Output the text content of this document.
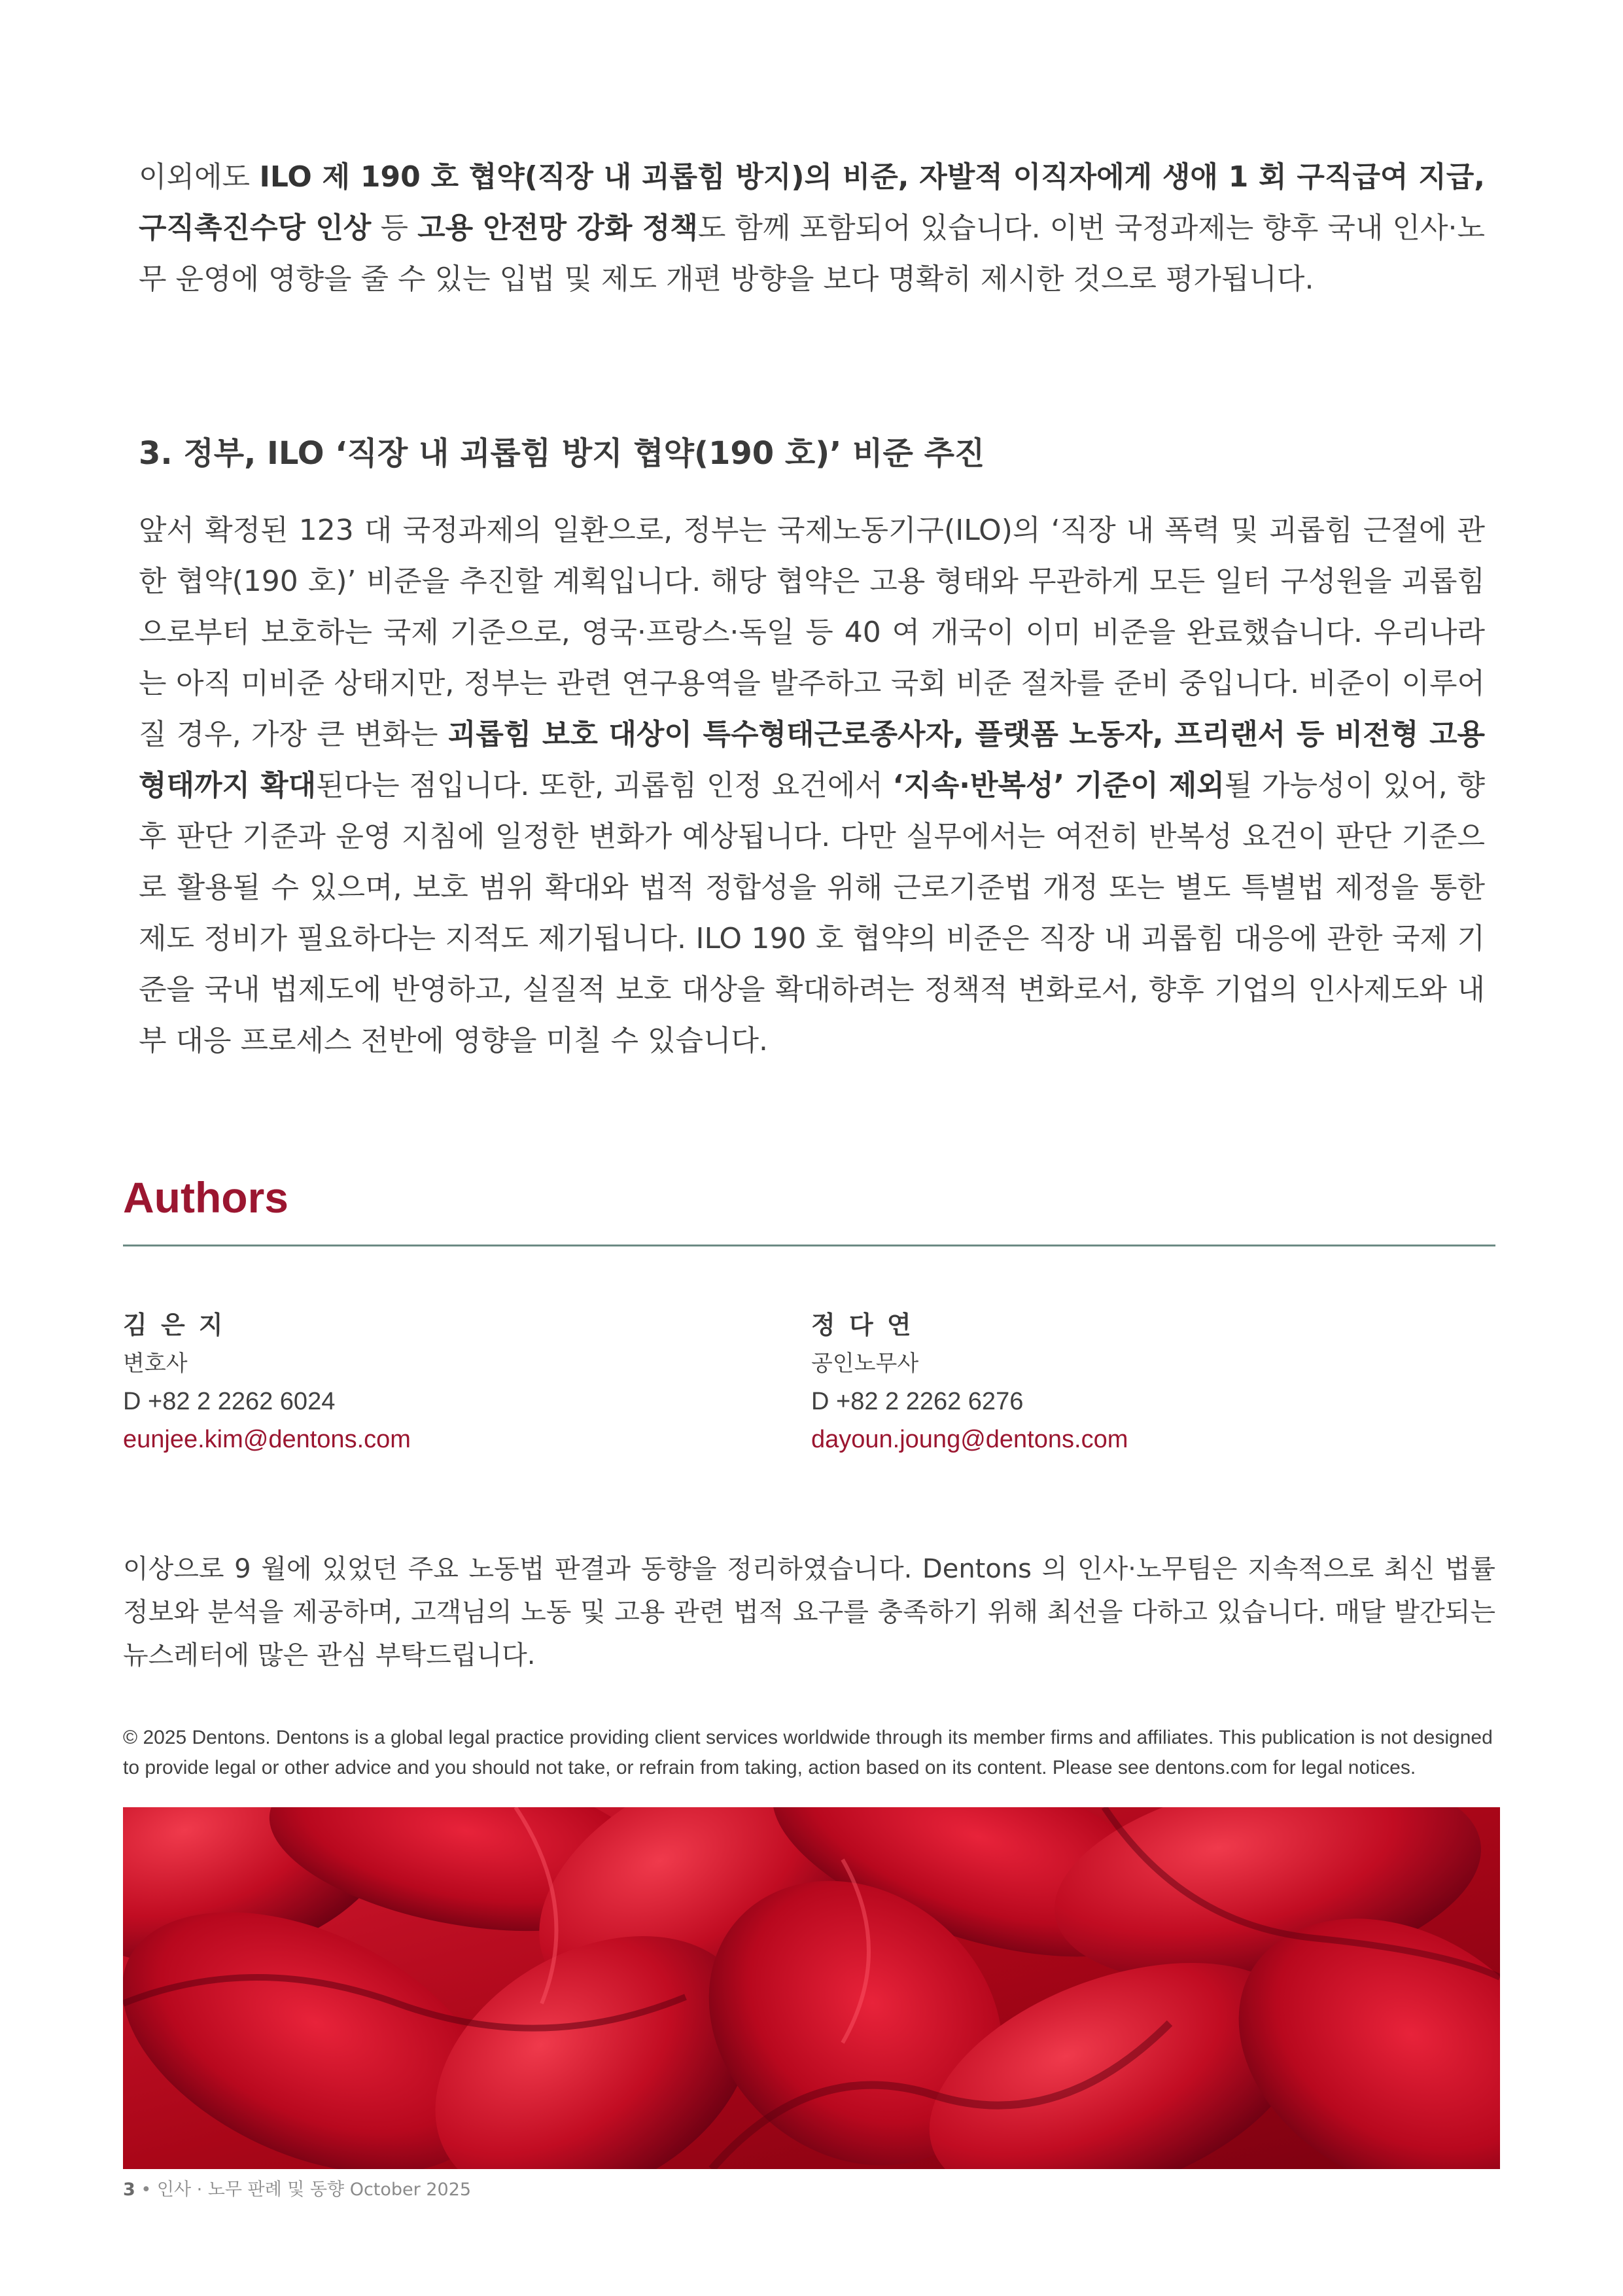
이외에도 ILO 제 190 호 협약(직장 내 괴롭힘 방지)의 비준, 자발적 이직자에게 생애 1 회 구직급여 지급, 구직촉진수당 인상 등 고용 안전망 강화 정책도 함께 포함되어 있습니다. 이번 국정과제는 향후 국내 인사·노무 운영에 영향을 줄 수 있는 입법 및 제도 개편 방향을 보다 명확히 제시한 것으로 평가됩니다.

3. 정부, ILO ‘직장 내 괴롭힘 방지 협약(190 호)’ 비준 추진

앞서 확정된 123 대 국정과제의 일환으로, 정부는 국제노동기구(ILO)의 ‘직장 내 폭력 및 괴롭힘 근절에 관한 협약(190 호)’ 비준을 추진할 계획입니다. 해당 협약은 고용 형태와 무관하게 모든 일터 구성원을 괴롭힘으로부터 보호하는 국제 기준으로, 영국·프랑스·독일 등 40 여 개국이 이미 비준을 완료했습니다. 우리나라는 아직 미비준 상태지만, 정부는 관련 연구용역을 발주하고 국회 비준 절차를 준비 중입니다. 비준이 이루어질 경우, 가장 큰 변화는 괴롭힘 보호 대상이 특수형태근로종사자, 플랫폼 노동자, 프리랜서 등 비전형 고용 형태까지 확대된다는 점입니다. 또한, 괴롭힘 인정 요건에서 ‘지속·반복성’ 기준이 제외될 가능성이 있어, 향후 판단 기준과 운영 지침에 일정한 변화가 예상됩니다. 다만 실무에서는 여전히 반복성 요건이 판단 기준으로 활용될 수 있으며, 보호 범위 확대와 법적 정합성을 위해 근로기준법 개정 또는 별도 특별법 제정을 통한 제도 정비가 필요하다는 지적도 제기됩니다. ILO 190 호 협약의 비준은 직장 내 괴롭힘 대응에 관한 국제 기준을 국내 법제도에 반영하고, 실질적 보호 대상을 확대하려는 정책적 변화로서, 향후 기업의 인사제도와 내부 대응 프로세스 전반에 영향을 미칠 수 있습니다.

Authors
김 은 지
변호사
D +82 2 2262 6024
eunjee.kim@dentons.com
정 다 연
공인노무사
D +82 2 2262 6276
dayoun.joung@dentons.com

이상으로 9 월에 있었던 주요 노동법 판결과 동향을 정리하였습니다. Dentons 의 인사·노무팀은 지속적으로 최신 법률 정보와 분석을 제공하며, 고객님의 노동 및 고용 관련 법적 요구를 충족하기 위해 최선을 다하고 있습니다. 매달 발간되는 뉴스레터에 많은 관심 부탁드립니다.

© 2025 Dentons. Dentons is a global legal practice providing client services worldwide through its member firms and affiliates. This publication is not designed to provide legal or other advice and you should not take, or refrain from taking, action based on its content. Please see dentons.com for legal notices.

3 • 인사 · 노무 판례 및 동향 October 2025
